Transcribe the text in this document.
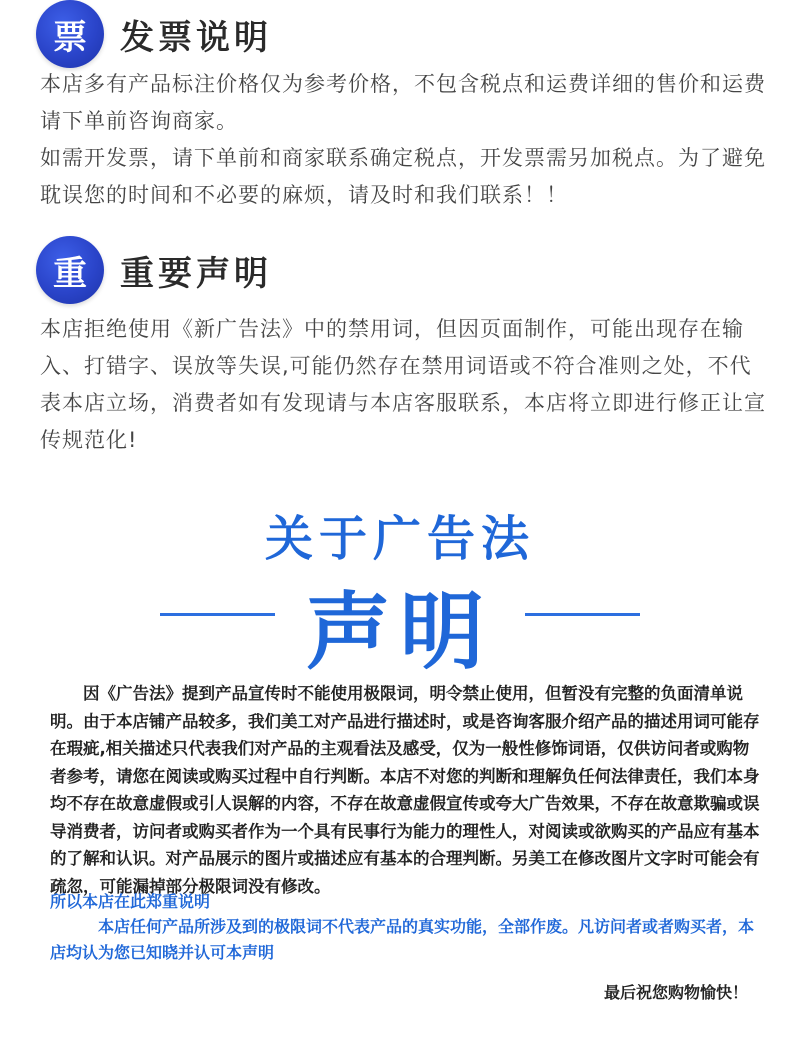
票 发票说明

本店多有产品标注价格仅为参考价格，不包含税点和运费详细的售价和运费请下单前咨询商家。

如需开发票，请下单前和商家联系确定税点，开发票需另加税点。为了避免耽误您的时间和不必要的麻烦，请及时和我们联系！！

重 重要声明

本店拒绝使用《新广告法》中的禁用词，但因页面制作，可能出现存在输入、打错字、误放等失误,可能仍然存在禁用词语或不符合准则之处，不代表本店立场，消费者如有发现请与本店客服联系，本店将立即进行修正让宣传规范化!

关于广告法
声明

因《广告法》提到产品宣传时不能使用极限词，明令禁止使用，但暂没有完整的负面清单说明。由于本店铺产品较多，我们美工对产品进行描述时，或是咨询客服介绍产品的描述用词可能存在瑕疵,相关描述只代表我们对产品的主观看法及感受，仅为一般性修饰词语，仅供访问者或购物者参考，请您在阅读或购买过程中自行判断。本店不对您的判断和理解负任何法律责任，我们本身均不存在故意虚假或引人误解的内容，不存在故意虚假宣传或夸大广告效果，不存在故意欺骗或误导消费者，访问者或购买者作为一个具有民事行为能力的理性人，对阅读或欲购买的产品应有基本的了解和认识。对产品展示的图片或描述应有基本的合理判断。另美工在修改图片文字时可能会有疏忽，可能漏掉部分极限词没有修改。

所以本店在此郑重说明

本店任何产品所涉及到的极限词不代表产品的真实功能，全部作废。凡访问者或者购买者，本店均认为您已知晓并认可本声明

最后祝您购物愉快！
